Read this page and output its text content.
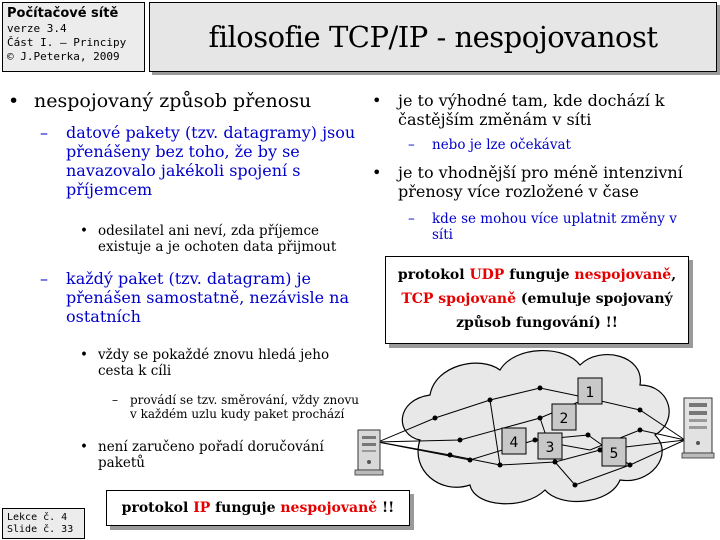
Počítačové sítě
verze 3.4
Část I. – Principy
© J.Peterka, 2009
filosofie TCP/IP - nespojovanost
• nespojovaný způsob přenosu
– datové pakety (tzv. datagramy) jsou
přenášeny bez toho, že by se
navazovalo jakékoli spojení s
příjemcem
• odesilatel ani neví, zda příjemce
existuje a je ochoten data přijmout
– každý paket (tzv. datagram) je
přenášen samostatně, nezávisle na
ostatních
• vždy se pokaždé znovu hledá jeho
cesta k cíli
– provádí se tzv. směrování, vždy znovu
v každém uzlu kudy paket prochází
• není zaručeno pořadí doručování
paketů
• je to výhodné tam, kde dochází k
častějším změnám v síti
– nebo je lze očekávat
• je to vhodnější pro méně intenzivní
přenosy více rozložené v čase
– kde se mohou více uplatnit změny v
síti
1
2
3
4
5
protokol UDP funguje nespojovaně,
TCP spojovaně (emuluje spojovaný
způsob fungování) !!
protokol IP funguje nespojovaně !!
Lekce č. 4
Slide č. 33
